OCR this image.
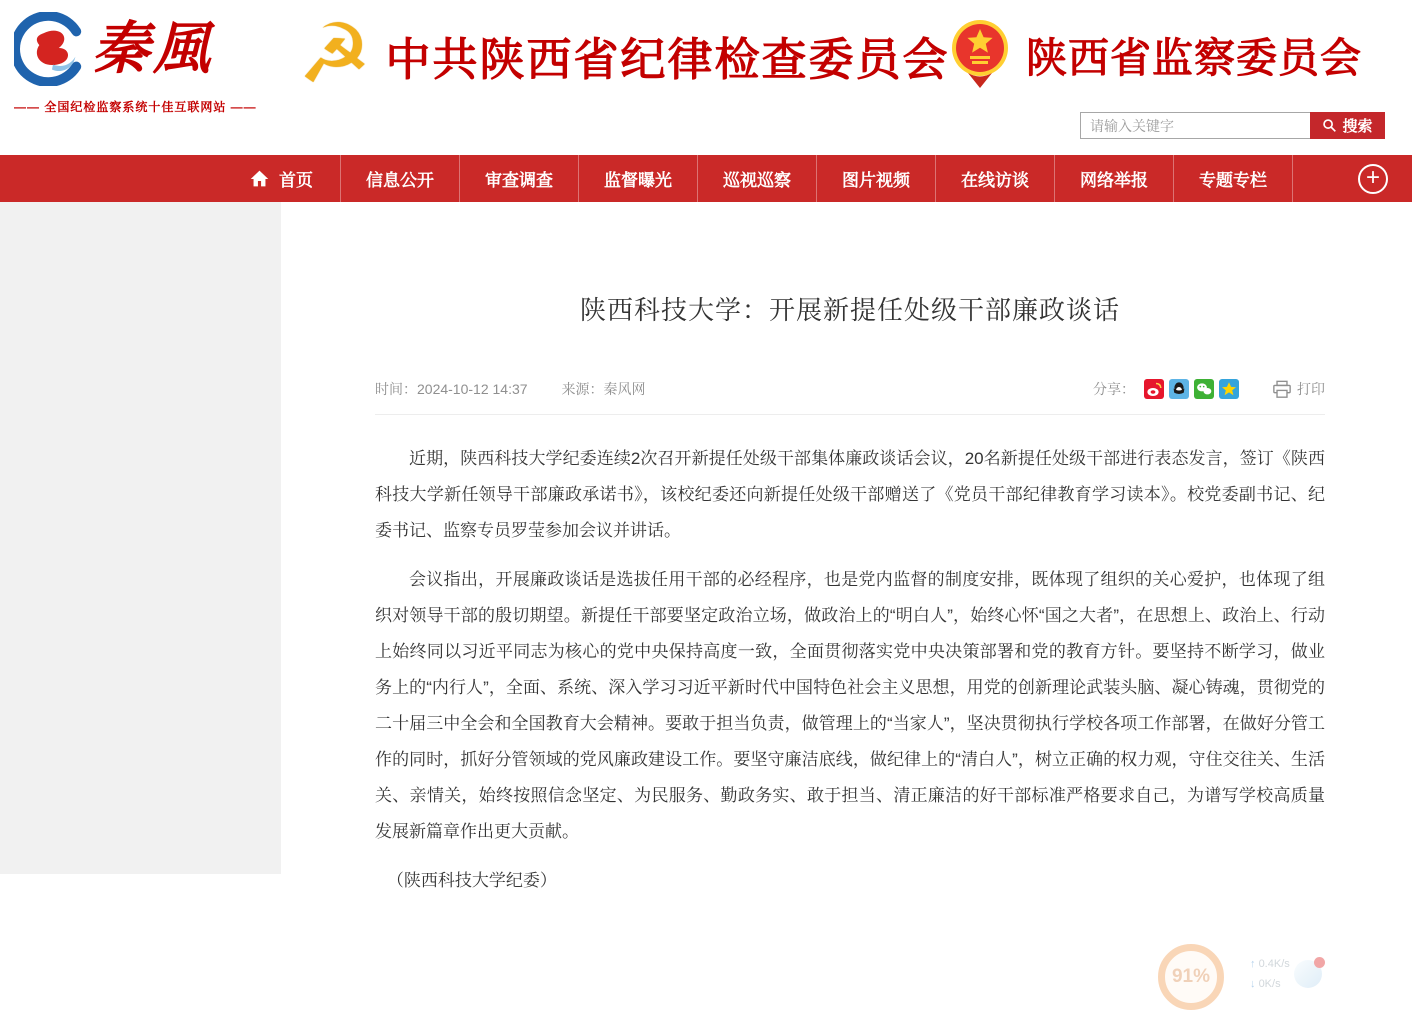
秦風
—— 全国纪检监察系统十佳互联网站 ——
☭ 中共陕西省纪律检查委员会 陕西省监察委员会
请输入关键字
搜索
首页	信息公开	审查调查	监督曝光	巡视巡察	图片视频	在线访谈	网络举报	专题专栏	+
陕西科技大学：开展新提任处级干部廉政谈话
时间：2024-10-12 14:37 来源：秦风网	分享：	打印

近期，陕西科技大学纪委连续2次召开新提任处级干部集体廉政谈话会议，20名新提任处级干部进行表态发言，签订《陕西科技大学新任领导干部廉政承诺书》，该校纪委还向新提任处级干部赠送了《党员干部纪律教育学习读本》。校党委副书记、纪委书记、监察专员罗莹参加会议并讲话。

会议指出，开展廉政谈话是选拔任用干部的必经程序，也是党内监督的制度安排，既体现了组织的关心爱护，也体现了组织对领导干部的殷切期望。新提任干部要坚定政治立场，做政治上的“明白人”，始终心怀“国之大者”，在思想上、政治上、行动上始终同以习近平同志为核心的党中央保持高度一致，全面贯彻落实党中央决策部署和党的教育方针。要坚持不断学习，做业务上的“内行人”，全面、系统、深入学习习近平新时代中国特色社会主义思想，用党的创新理论武装头脑、凝心铸魂，贯彻党的二十届三中全会和全国教育大会精神。要敢于担当负责，做管理上的“当家人”，坚决贯彻执行学校各项工作部署，在做好分管工作的同时，抓好分管领域的党风廉政建设工作。要坚守廉洁底线，做纪律上的“清白人”，树立正确的权力观，守住交往关、生活关、亲情关，始终按照信念坚定、为民服务、勤政务实、敢于担当、清正廉洁的好干部标准严格要求自己，为谱写学校高质量发展新篇章作出更大贡献。

（陕西科技大学纪委）

91%
↑ 0.4K/s
↓ 0K/s
